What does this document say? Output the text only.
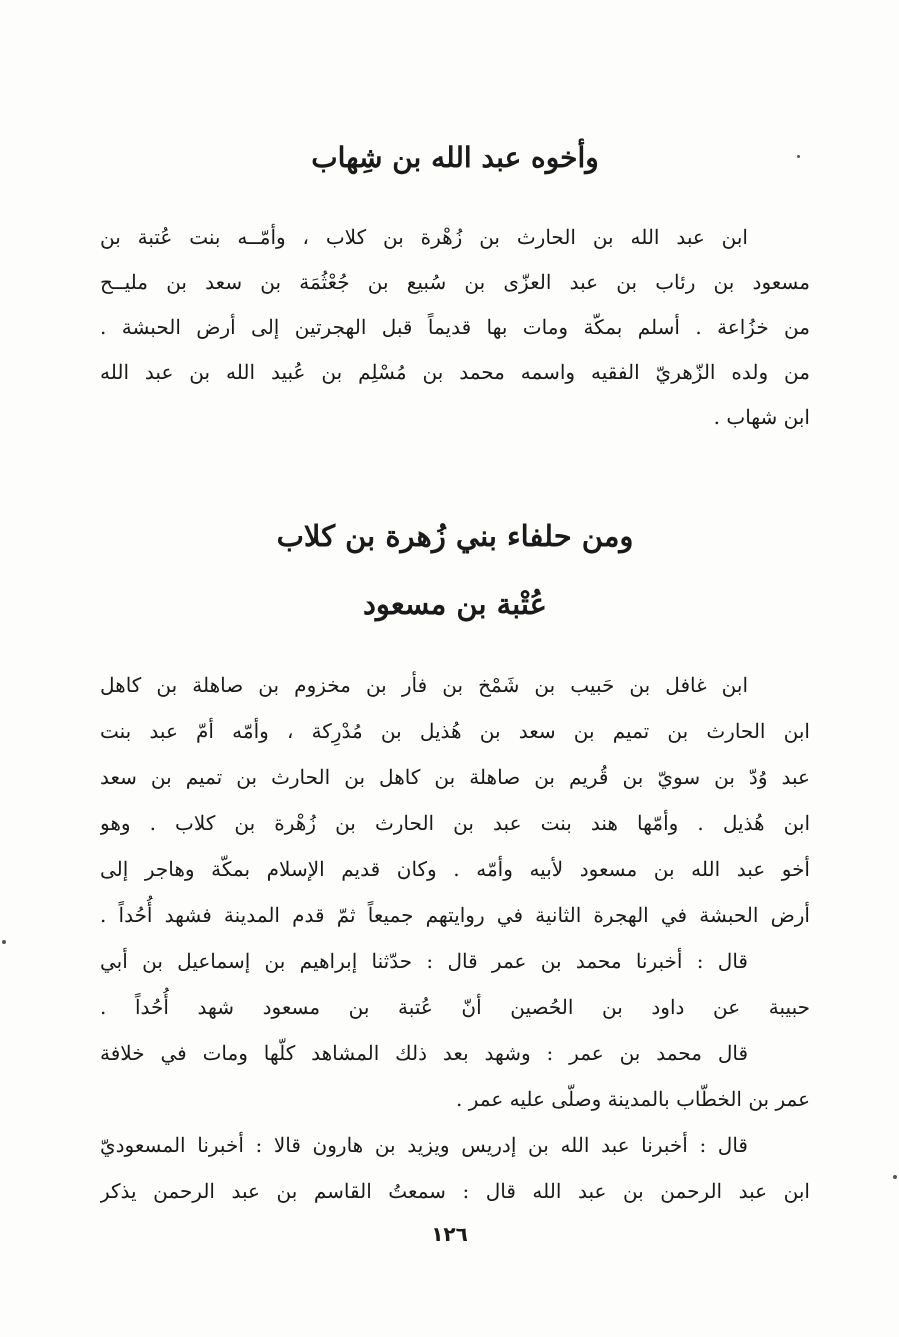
وأخوه عبد الله بن شِهاب
ابن عبد الله بن الحارث بن زُهْرة بن كلاب ، وأمّــه بنت عُتبة بن
مسعود بن رئاب بن عبد العزّى بن سُبيع بن جُعْثُمَة بن سعد بن مليــح
من خزُاعة . أسلم بمكّة ومات بها قديماً قبل الهجرتين إلى أرض الحبشة .
من ولده الزّهريّ الفقيه واسمه محمد بن مُسْلِم بن عُبيد الله بن عبد الله
ابن شهاب .
ومن حلفاء بني زُهرة بن كلاب
عُتْبة بن مسعود
ابن غافل بن حَبيب بن شَمْخ بن فأر بن مخزوم بن صاهلة بن كاهل
ابن الحارث بن تميم بن سعد بن هُذيل بن مُدْرِكة ، وأمّه أمّ عبد بنت
عبد وُدّ بن سويّ بن قُريم بن صاهلة بن كاهل بن الحارث بن تميم بن سعد
ابن هُذيل . وأمّها هند بنت عبد بن الحارث بن زُهْرة بن كلاب . وهو
أخو عبد الله بن مسعود لأبيه وأمّه . وكان قديم الإسلام بمكّة وهاجر إلى
أرض الحبشة في الهجرة الثانية في روايتهم جميعاً ثمّ قدم المدينة فشهد أُحُداً .
قال : أخبرنا محمد بن عمر قال : حدّثنا إبراهيم بن إسماعيل بن أبي
حبيبة عن داود بن الحُصين أنّ عُتبة بن مسعود شهد أُحُداً .
قال محمد بن عمر : وشهد بعد ذلك المشاهد كلّها ومات في خلافة
عمر بن الخطّاب بالمدينة وصلّى عليه عمر .
قال : أخبرنا عبد الله بن إدريس ويزيد بن هارون قالا : أخبرنا المسعوديّ
ابن عبد الرحمن بن عبد الله قال : سمعتُ القاسم بن عبد الرحمن يذكر
١٢٦
